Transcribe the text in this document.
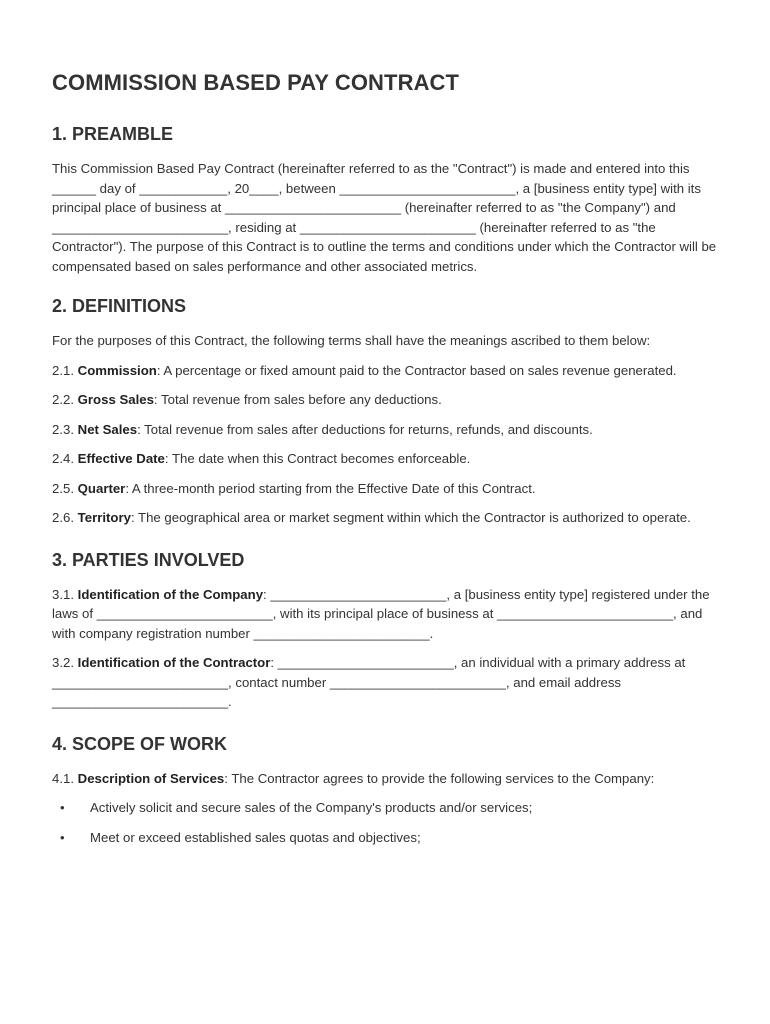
COMMISSION BASED PAY CONTRACT
1. PREAMBLE

This Commission Based Pay Contract (hereinafter referred to as the "Contract") is made and entered into this ______ day of ____________, 20____, between ________________________, a [business entity type] with its principal place of business at ________________________ (hereinafter referred to as "the Company") and ________________________, residing at ________________________ (hereinafter referred to as "the Contractor"). The purpose of this Contract is to outline the terms and conditions under which the Contractor will be compensated based on sales performance and other associated metrics.

2. DEFINITIONS

For the purposes of this Contract, the following terms shall have the meanings ascribed to them below:

2.1. Commission: A percentage or fixed amount paid to the Contractor based on sales revenue generated.

2.2. Gross Sales: Total revenue from sales before any deductions.

2.3. Net Sales: Total revenue from sales after deductions for returns, refunds, and discounts.

2.4. Effective Date: The date when this Contract becomes enforceable.

2.5. Quarter: A three-month period starting from the Effective Date of this Contract.

2.6. Territory: The geographical area or market segment within which the Contractor is authorized to operate.

3. PARTIES INVOLVED

3.1. Identification of the Company: ________________________, a [business entity type] registered under the laws of ________________________, with its principal place of business at ________________________, and with company registration number ________________________.

3.2. Identification of the Contractor: ________________________, an individual with a primary address at ________________________, contact number ________________________, and email address ________________________.

4. SCOPE OF WORK

4.1. Description of Services: The Contractor agrees to provide the following services to the Company:

• Actively solicit and secure sales of the Company's products and/or services;
• Meet or exceed established sales quotas and objectives;
